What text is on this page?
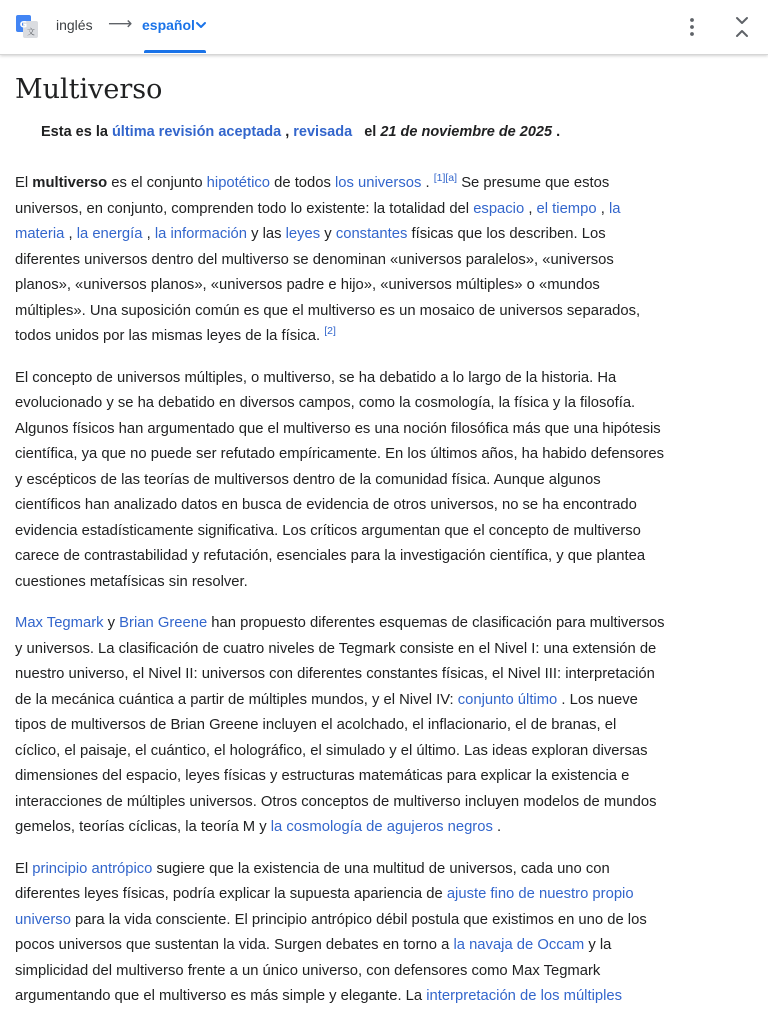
G
文 inglés ⟶ español
Multiverso
Esta es la última revisión aceptada , revisada el 21 de noviembre de 2025 .

El multiverso es el conjunto hipotético de todos los universos . [1][a] Se presume que estos universos, en conjunto, comprenden todo lo existente: la totalidad del espacio , el tiempo , la materia , la energía , la información y las leyes y constantes físicas que los describen. Los diferentes universos dentro del multiverso se denominan «universos paralelos», «universos planos», «universos planos», «universos padre e hijo», «universos múltiples» o «mundos múltiples». Una suposición común es que el multiverso es un mosaico de universos separados, todos unidos por las mismas leyes de la física. [2]

El concepto de universos múltiples, o multiverso, se ha debatido a lo largo de la historia. Ha evolucionado y se ha debatido en diversos campos, como la cosmología, la física y la filosofía. Algunos físicos han argumentado que el multiverso es una noción filosófica más que una hipótesis científica, ya que no puede ser refutado empíricamente. En los últimos años, ha habido defensores y escépticos de las teorías de multiversos dentro de la comunidad física. Aunque algunos científicos han analizado datos en busca de evidencia de otros universos, no se ha encontrado evidencia estadísticamente significativa. Los críticos argumentan que el concepto de multiverso carece de contrastabilidad y refutación, esenciales para la investigación científica, y que plantea cuestiones metafísicas sin resolver.

Max Tegmark y Brian Greene han propuesto diferentes esquemas de clasificación para multiversos y universos. La clasificación de cuatro niveles de Tegmark consiste en el Nivel I: una extensión de nuestro universo, el Nivel II: universos con diferentes constantes físicas, el Nivel III: interpretación de la mecánica cuántica a partir de múltiples mundos, y el Nivel IV: conjunto último . Los nueve tipos de multiversos de Brian Greene incluyen el acolchado, el inflacionario, el de branas, el cíclico, el paisaje, el cuántico, el holográfico, el simulado y el último. Las ideas exploran diversas dimensiones del espacio, leyes físicas y estructuras matemáticas para explicar la existencia e interacciones de múltiples universos. Otros conceptos de multiverso incluyen modelos de mundos gemelos, teorías cíclicas, la teoría M y la cosmología de agujeros negros .

El principio antrópico sugiere que la existencia de una multitud de universos, cada uno con diferentes leyes físicas, podría explicar la supuesta apariencia de ajuste fino de nuestro propio universo para la vida consciente. El principio antrópico débil postula que existimos en uno de los pocos universos que sustentan la vida. Surgen debates en torno a la navaja de Occam y la simplicidad del multiverso frente a un único universo, con defensores como Max Tegmark argumentando que el multiverso es más simple y elegante. La interpretación de los múltiples
